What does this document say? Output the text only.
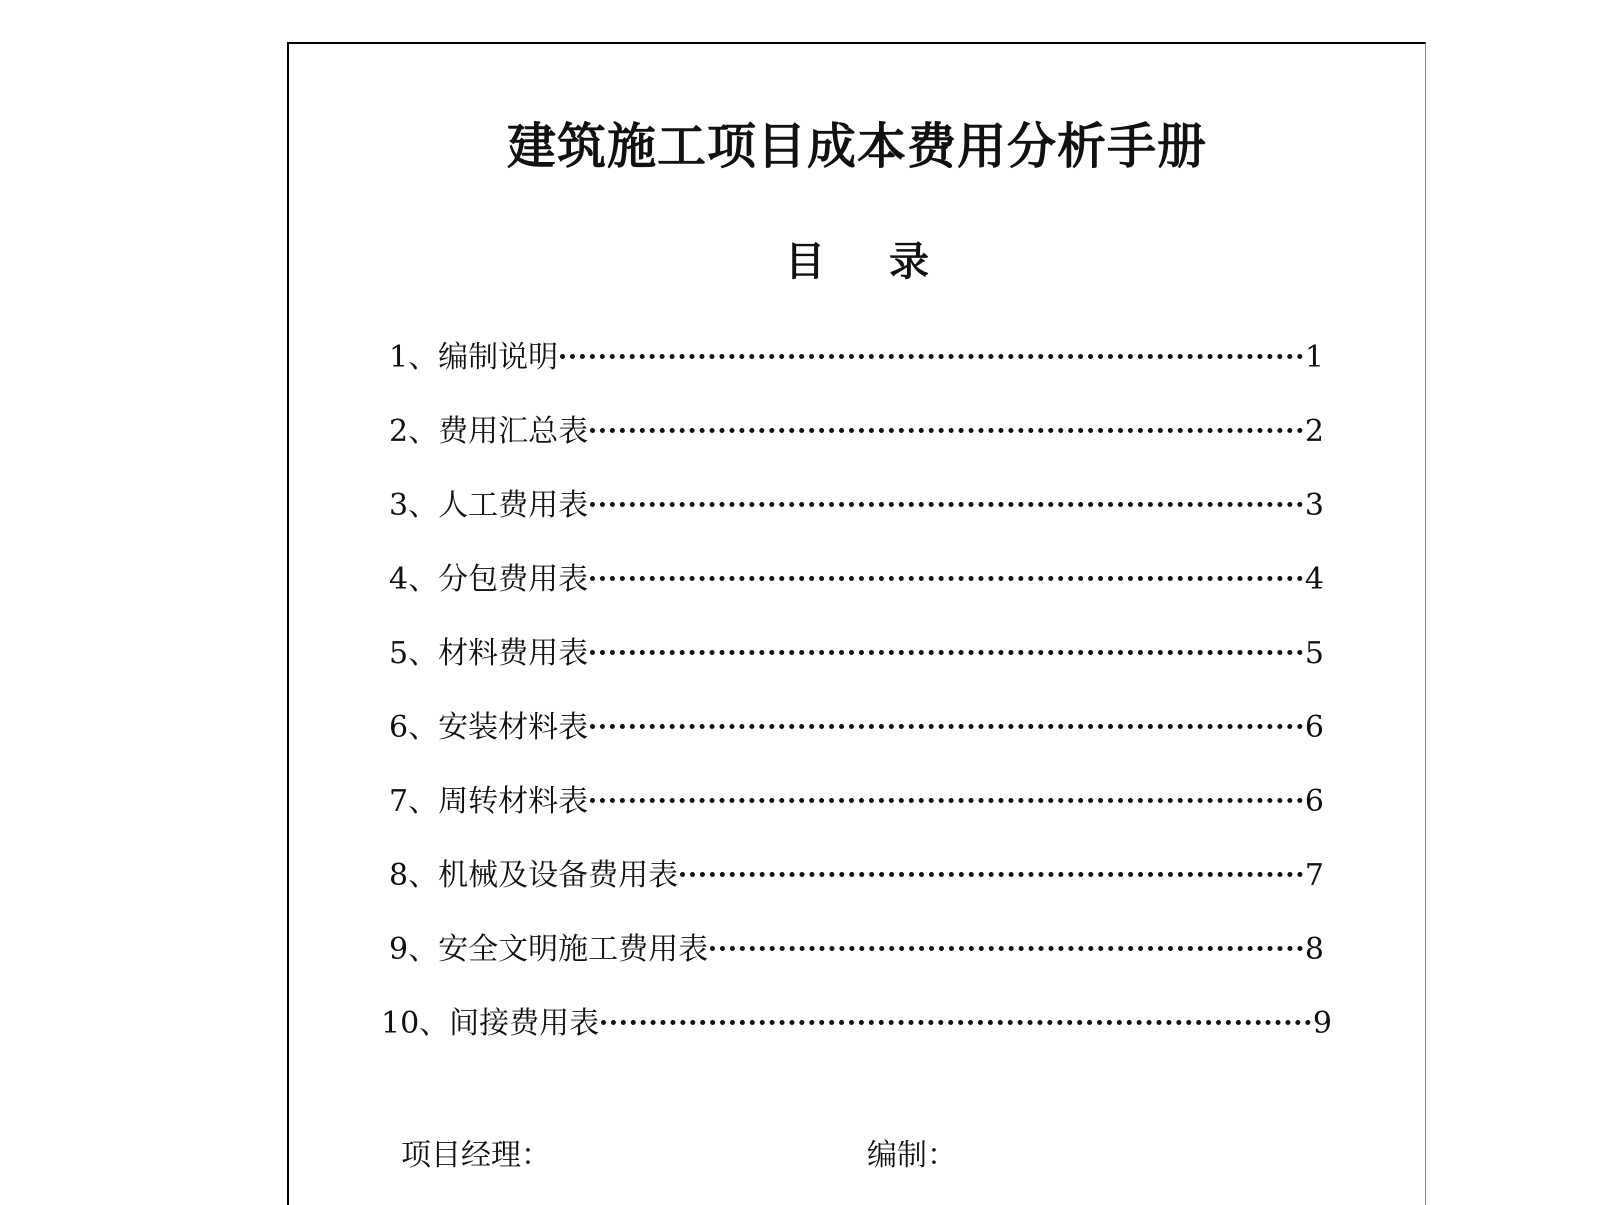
建筑施工项目成本费用分析手册
目 录
1、编制说明	1
2、费用汇总表	2
3、人工费用表	3
4、分包费用表	4
5、材料费用表	5
6、安装材料表	6
7、周转材料表	6
8、机械及设备费用表	7
9、安全文明施工费用表	8
10、间接费用表	9
项目经理：	编制：
